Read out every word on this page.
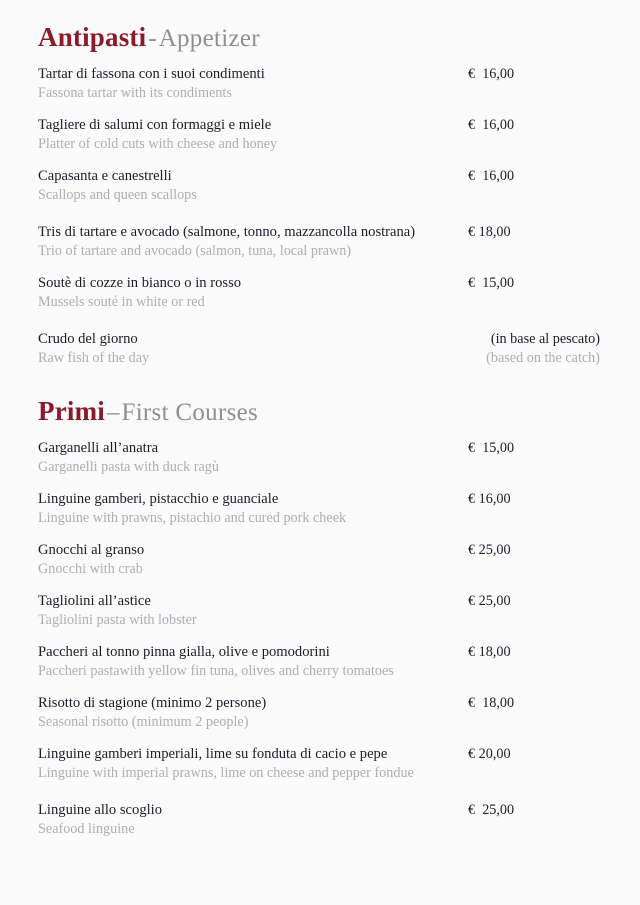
Antipasti-Appetizer
Tartar di fassona con i suoi condimenti
Fassona tartar with its condiments
€  16,00
Tagliere di salumi con formaggi e miele
Platter of cold cuts with cheese and honey
€  16,00
Capasanta e canestrelli
Scallops and queen scallops
€  16,00
Tris di tartare e avocado (salmone, tonno, mazzancolla nostrana)
Trio of tartare and avocado (salmon, tuna, local prawn)
€ 18,00
Soutè di cozze in bianco o in rosso
Mussels souté in white or red
€  15,00
Crudo del giorno
Raw fish of the day
(in base al pescato)
(based on the catch)
Primi–First Courses
Garganelli all’anatra
Garganelli pasta with duck ragù
€  15,00
Linguine gamberi, pistacchio e guanciale
Linguine with prawns, pistachio and cured pork cheek
€ 16,00
Gnocchi al granso
Gnocchi with crab
€ 25,00
Tagliolini all’astice
Tagliolini pasta with lobster
€ 25,00
Paccheri al tonno pinna gialla, olive e pomodorini
Paccheri pastawith yellow fin tuna, olives and cherry tomatoes
€ 18,00
Risotto di stagione (minimo 2 persone)
Seasonal risotto (minimum 2 people)
€  18,00
Linguine gamberi imperiali, lime su fonduta di cacio e pepe
Linguine with imperial prawns, lime on cheese and pepper fondue
€ 20,00
Linguine allo scoglio
Seafood linguine
€  25,00
